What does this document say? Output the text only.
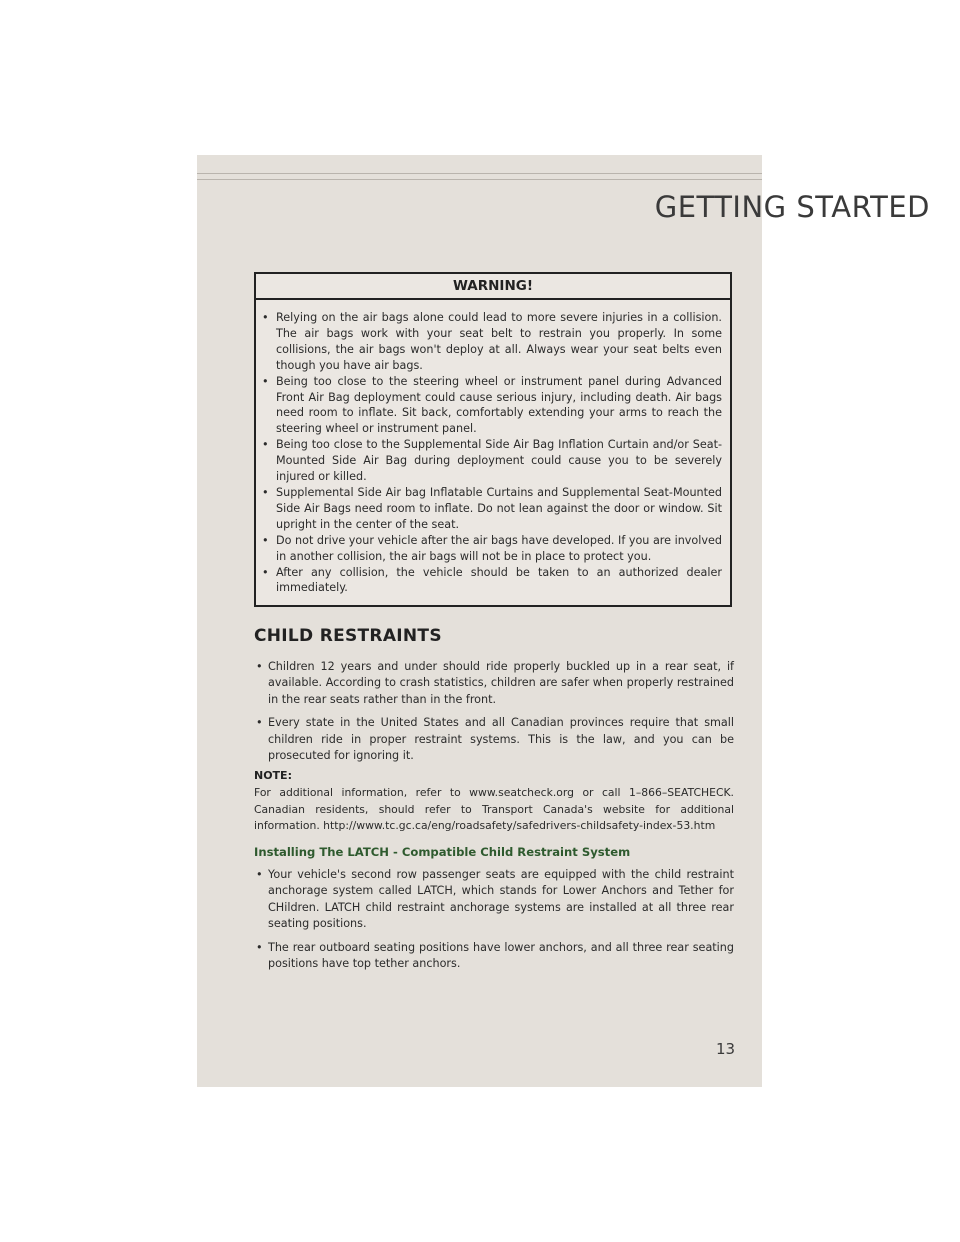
GETTING STARTED
WARNING!
• Relying on the air bags alone could lead to more severe injuries in a collision. The air bags work with your seat belt to restrain you properly. In some collisions, the air bags won't deploy at all. Always wear your seat belts even though you have air bags.
• Being too close to the steering wheel or instrument panel during Advanced Front Air Bag deployment could cause serious injury, including death. Air bags need room to inflate. Sit back, comfortably extending your arms to reach the steering wheel or instrument panel.
• Being too close to the Supplemental Side Air Bag Inflation Curtain and/or Seat-Mounted Side Air Bag during deployment could cause you to be severely injured or killed.
• Supplemental Side Air bag Inflatable Curtains and Supplemental Seat-Mounted Side Air Bags need room to inflate. Do not lean against the door or window. Sit upright in the center of the seat.
• Do not drive your vehicle after the air bags have developed. If you are involved in another collision, the air bags will not be in place to protect you.
• After any collision, the vehicle should be taken to an authorized dealer immediately.
CHILD RESTRAINTS
• Children 12 years and under should ride properly buckled up in a rear seat, if available. According to crash statistics, children are safer when properly restrained in the rear seats rather than in the front.
• Every state in the United States and all Canadian provinces require that small children ride in proper restraint systems. This is the law, and you can be prosecuted for ignoring it.
NOTE:
For additional information, refer to www.seatcheck.org or call 1–866–SEATCHECK. Canadian residents, should refer to Transport Canada's website for additional information. http://www.tc.gc.ca/eng/roadsafety/safedrivers-childsafety-index-53.htm
Installing The LATCH - Compatible Child Restraint System
• Your vehicle's second row passenger seats are equipped with the child restraint anchorage system called LATCH, which stands for Lower Anchors and Tether for CHildren. LATCH child restraint anchorage systems are installed at all three rear seating positions.
• The rear outboard seating positions have lower anchors, and all three rear seating positions have top tether anchors.
13
